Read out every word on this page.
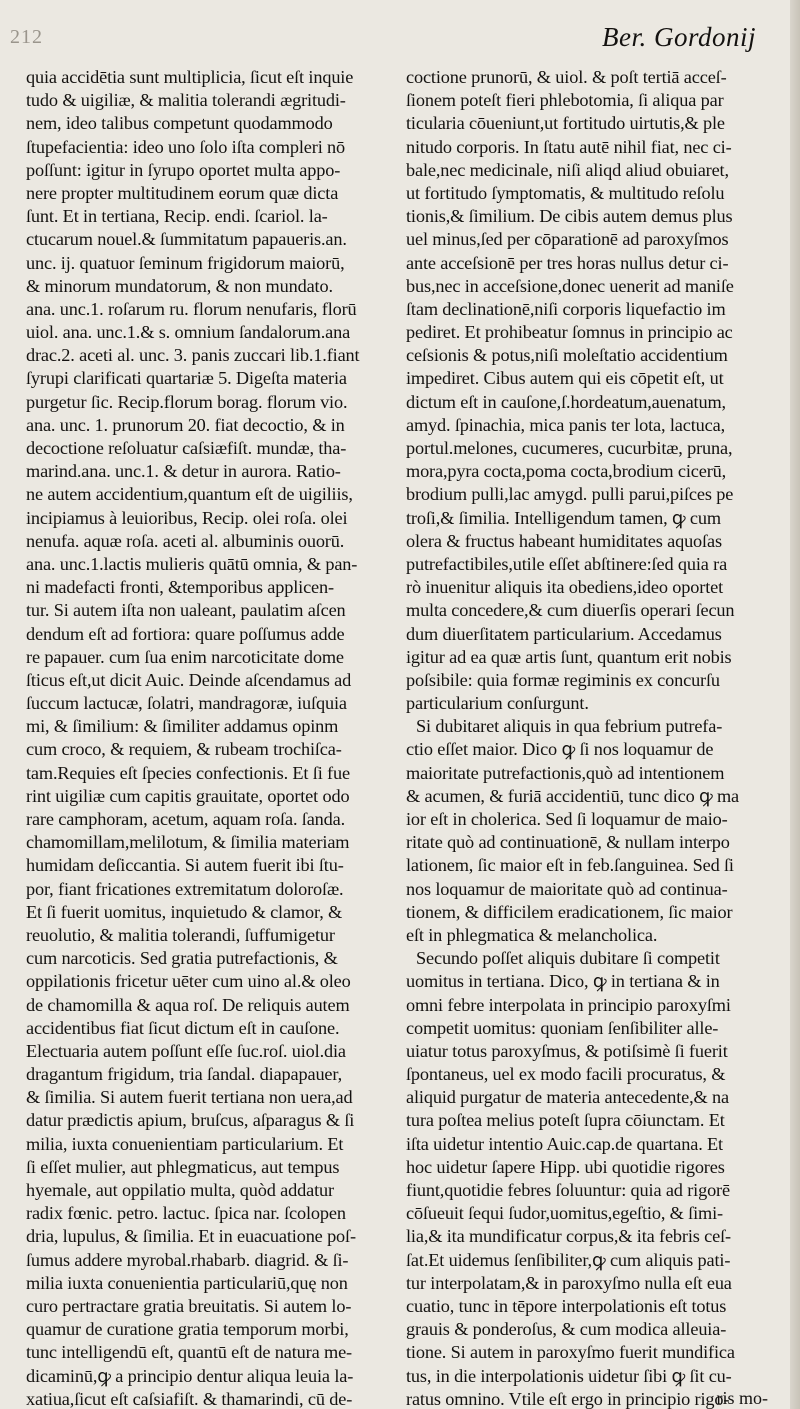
212	Ber. Gordonij
quia accidētia sunt multiplicia, ſicut eſt inquie
tudo & uigiliæ, & malitia tolerandi ægritudi-
nem, ideo talibus competunt quodammodo
ſtupefacientia: ideo uno ſolo iſta compleri nō
poſſunt: igitur in ſyrupo oportet multa appo-
nere propter multitudinem eorum quæ dicta
ſunt. Et in tertiana, Recip. endi. ſcariol. la-
ctucarum nouel.& ſummitatum papaueris.an.
unc. ij. quatuor ſeminum frigidorum maiorū,
& minorum mundatorum, & non mundato.
ana. unc.1. roſarum ru. florum nenufaris, florū
uiol. ana. unc.1.& s. omnium ſandalorum.ana
drac.2. aceti al. unc. 3. panis zuccari lib.1.fiant
ſyrupi clarificati quartariæ 5. Digeſta materia
purgetur ſic. Recip.florum borag. florum vio.
ana. unc. 1. prunorum 20. fiat decoctio, & in
decoctione reſoluatur caſsiæfiſt. mundæ, tha-
marind.ana. unc.1. & detur in aurora. Ratio-
ne autem accidentium,quantum eſt de uigiliis,
incipiamus à leuioribus, Recip. olei roſa. olei
nenufa. aquæ roſa. aceti al. albuminis ouorū.
ana. unc.1.lactis mulieris quātū omnia, & pan-
ni madefacti fronti, &temporibus applicen-
tur. Si autem iſta non ualeant, paulatim aſcen
dendum eſt ad fortiora: quare poſſumus adde
re papauer. cum ſua enim narcoticitate dome
ſticus eſt,ut dicit Auic. Deinde aſcendamus ad
ſuccum lactucæ, ſolatri, mandragoræ, iuſquia
mi, & ſimilium: & ſimiliter addamus opinm
cum croco, & requiem, & rubeam trochiſca-
tam.Requies eſt ſpecies confectionis. Et ſi fue
rint uigiliæ cum capitis grauitate, oportet odo
rare camphoram, acetum, aquam roſa. ſanda.
chamomillam,melilotum, & ſimilia materiam
humidam deſiccantia. Si autem fuerit ibi ſtu-
por, fiant fricationes extremitatum doloroſæ.
Et ſi fuerit uomitus, inquietudo & clamor, &
reuolutio, & malitia tolerandi, ſuffumigetur
cum narcoticis. Sed gratia putrefactionis, &
oppilationis fricetur uēter cum uino al.& oleo
de chamomilla & aqua roſ. De reliquis autem
accidentibus fiat ſicut dictum eſt in cauſone.
Electuaria autem poſſunt eſſe ſuc.roſ. uiol.dia
dragantum frigidum, tria ſandal. diapapauer,
& ſimilia. Si autem fuerit tertiana non uera,ad
datur prædictis apium, bruſcus, aſparagus & ſi
milia, iuxta conuenientiam particularium. Et
ſi eſſet mulier, aut phlegmaticus, aut tempus
hyemale, aut oppilatio multa, quòd addatur
radix fœnic. petro. lactuc. ſpica nar. ſcolopen
dria, lupulus, & ſimilia. Et in euacuatione poſ-
ſumus addere myrobal.rhabarb. diagrid. & ſi-
milia iuxta conuenientia particulariū,quę non
curo pertractare gratia breuitatis. Si autem lo-
quamur de curatione gratia temporum morbi,
tunc intelligendū eſt, quantū eſt de natura me-
dicaminū,ꝙ a principio dentur aliqua leuia la-
xatiua,ſicut eſt caſsiafiſt. & thamarindi, cū de-
coctione prunorū, & uiol. & poſt tertiā acceſ-
ſionem poteſt fieri phlebotomia, ſi aliqua par
ticularia cōueniunt,ut fortitudo uirtutis,& ple
nitudo corporis. In ſtatu autē nihil fiat, nec ci-
bale,nec medicinale, niſi aliqd aliud obuiaret,
ut fortitudo ſymptomatis, & multitudo reſolu
tionis,& ſimilium. De cibis autem demus plus
uel minus,ſed per cōparationē ad paroxyſmos
ante acceſsionē per tres horas nullus detur ci-
bus,nec in acceſsione,donec uenerit ad maniſe
ſtam declinationē,niſi corporis liquefactio im
pediret. Et prohibeatur ſomnus in principio ac
ceſsionis & potus,niſi moleſtatio accidentium
impediret. Cibus autem qui eis cōpetit eſt, ut
dictum eſt in cauſone,ſ.hordeatum,auenatum,
amyd. ſpinachia, mica panis ter lota, lactuca,
portul.melones, cucumeres, cucurbitæ, pruna,
mora,pyra cocta,poma cocta,brodium cicerū,
brodium pulli,lac amygd. pulli parui,piſces pe
troſi,& ſimilia. Intelligendum tamen, ꝙ cum
olera & fructus habeant humiditates aquoſas
putrefactibiles,utile eſſet abſtinere:ſed quia ra
rò inuenitur aliquis ita obediens,ideo oportet
multa concedere,& cum diuerſis operari ſecun
dum diuerſitatem particularium. Accedamus
igitur ad ea quæ artis ſunt, quantum erit nobis
poſsibile: quia formæ regiminis ex concurſu
particularium conſurgunt.
Si dubitaret aliquis in qua febrium putrefa-
ctio eſſet maior. Dico ꝙ ſi nos loquamur de
maioritate putrefactionis,quò ad intentionem
& acumen, & furiā accidentiū, tunc dico ꝙ ma
ior eſt in cholerica. Sed ſi loquamur de maio-
ritate quò ad continuationē, & nullam interpo
lationem, ſic maior eſt in feb.ſanguinea. Sed ſi
nos loquamur de maioritate quò ad continua-
tionem, & difficilem eradicationem, ſic maior
eſt in phlegmatica & melancholica.
Secundo poſſet aliquis dubitare ſi competit
uomitus in tertiana. Dico, ꝙ in tertiana & in
omni febre interpolata in principio paroxyſmi
competit uomitus: quoniam ſenſibiliter alle-
uiatur totus paroxyſmus, & potiſsimè ſi fuerit
ſpontaneus, uel ex modo facili procuratus, &
aliquid purgatur de materia antecedente,& na
tura poſtea melius poteſt ſupra cōiunctam. Et
iſta uidetur intentio Auic.cap.de quartana. Et
hoc uidetur ſapere Hipp. ubi quotidie rigores
fiunt,quotidie febres ſoluuntur: quia ad rigorē
cōſueuit ſequi ſudor,uomitus,egeſtio, & ſimi-
lia,& ita mundificatur corpus,& ita febris ceſ-
ſat.Et uidemus ſenſibiliter,ꝙ cum aliquis pati-
tur interpolatam,& in paroxyſmo nulla eſt eua
cuatio, tunc in tēpore interpolationis eſt totus
grauis & ponderoſus, & cum modica alleuia-
tione. Si autem in paroxyſmo fuerit mundifica
tus, in die interpolationis uidetur ſibi ꝙ ſit cu-
ratus omnino. Vtile eſt ergo in principio rigo-
ris mo-
